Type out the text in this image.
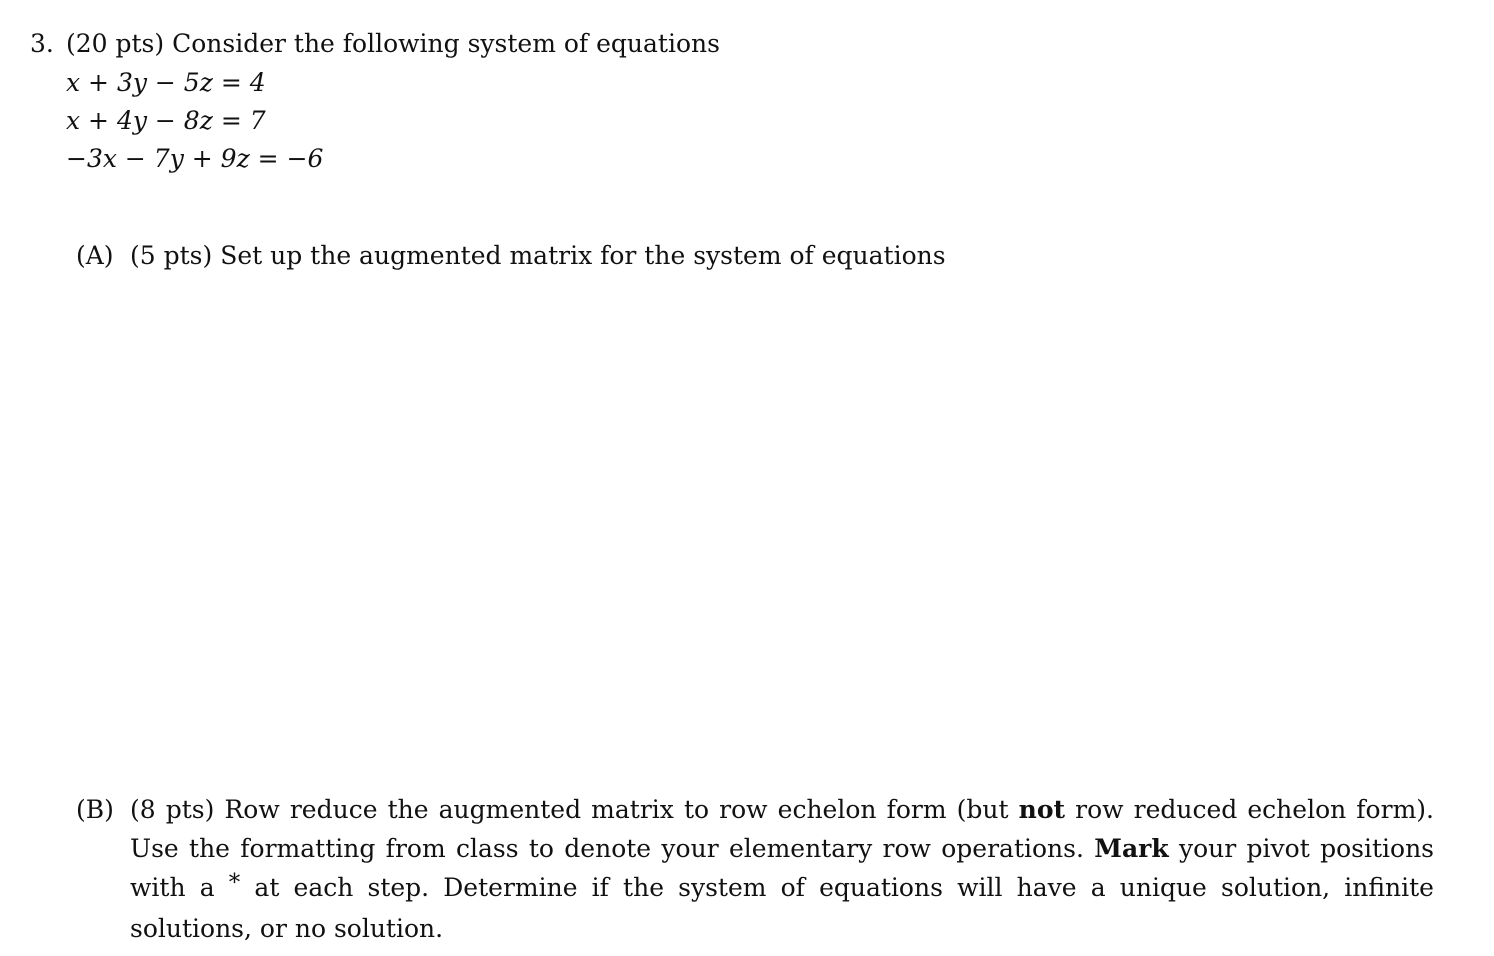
3. (20 pts) Consider the following system of equations
x + 3y − 5z = 4
x + 4y − 8z = 7
−3x − 7y + 9z = −6
(A) (5 pts) Set up the augmented matrix for the system of equations
(B) (8 pts) Row reduce the augmented matrix to row echelon form (but not row reduced echelon form). Use the formatting from class to denote your elementary row operations. Mark your pivot positions with a * at each step. Determine if the system of equations will have a unique solution, infinite solutions, or no solution.
